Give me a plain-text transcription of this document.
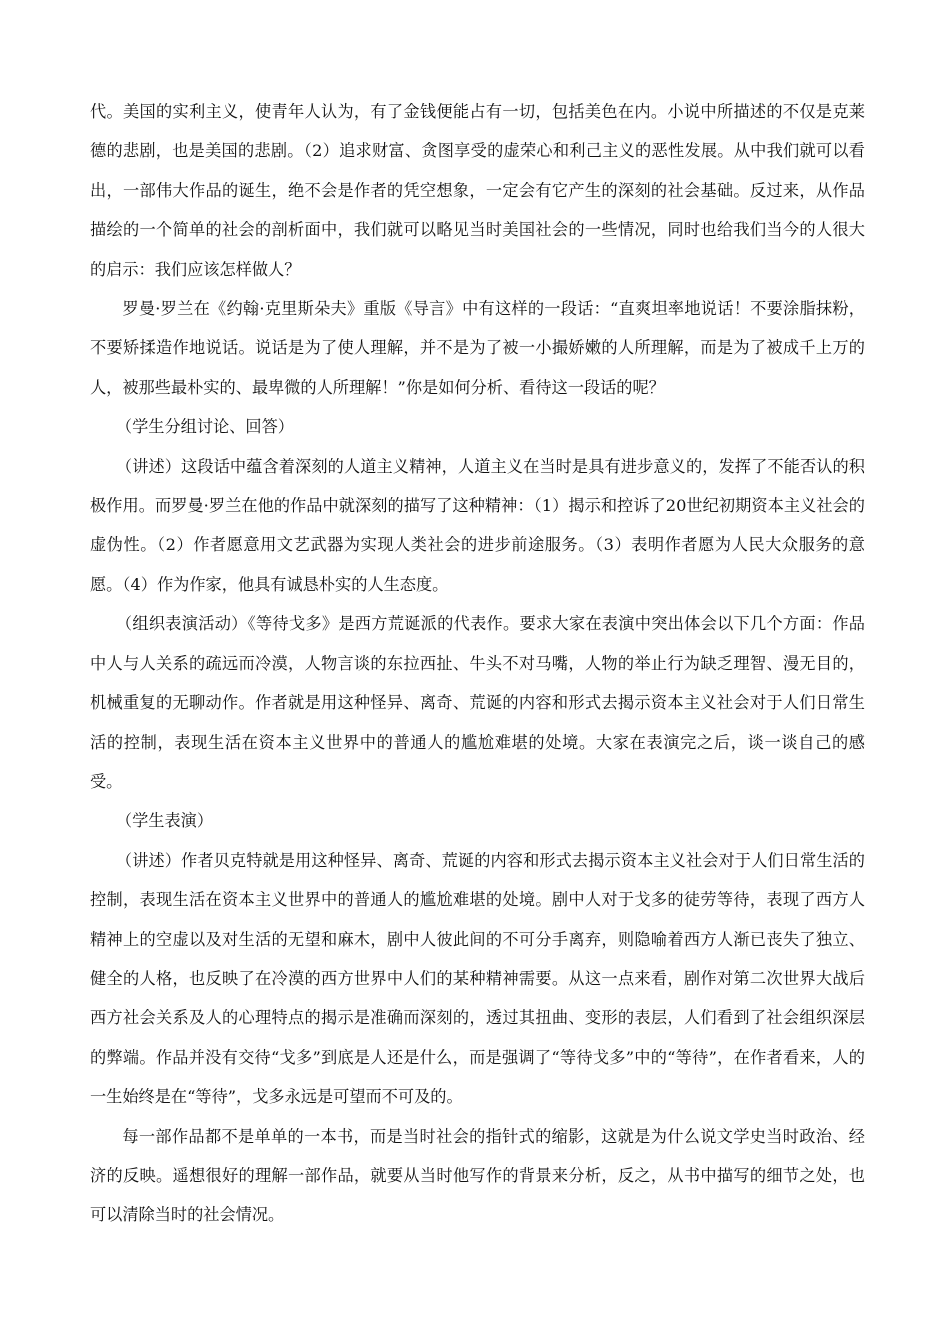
代。美国的实利主义，使青年人认为，有了金钱便能占有一切，包括美色在内。小说中所描述的不仅是克莱德的悲剧，也是美国的悲剧。（2）追求财富、贪图享受的虚荣心和利己主义的恶性发展。从中我们就可以看出，一部伟大作品的诞生，绝不会是作者的凭空想象，一定会有它产生的深刻的社会基础。反过来，从作品描绘的一个简单的社会的剖析面中，我们就可以略见当时美国社会的一些情况，同时也给我们当今的人很大的启示：我们应该怎样做人？

罗曼·罗兰在《约翰·克里斯朵夫》重版《导言》中有这样的一段话：“直爽坦率地说话！不要涂脂抹粉，不要矫揉造作地说话。说话是为了使人理解，并不是为了被一小撮娇嫩的人所理解，而是为了被成千上万的人，被那些最朴实的、最卑微的人所理解！”你是如何分析、看待这一段话的呢？

（学生分组讨论、回答）

（讲述）这段话中蕴含着深刻的人道主义精神，人道主义在当时是具有进步意义的，发挥了不能否认的积极作用。而罗曼·罗兰在他的作品中就深刻的描写了这种精神：（1）揭示和控诉了20世纪初期资本主义社会的虚伪性。（2）作者愿意用文艺武器为实现人类社会的进步前途服务。（3）表明作者愿为人民大众服务的意愿。（4）作为作家，他具有诚恳朴实的人生态度。

（组织表演活动）《等待戈多》是西方荒诞派的代表作。要求大家在表演中突出体会以下几个方面：作品中人与人关系的疏远而冷漠，人物言谈的东拉西扯、牛头不对马嘴，人物的举止行为缺乏理智、漫无目的，机械重复的无聊动作。作者就是用这种怪异、离奇、荒诞的内容和形式去揭示资本主义社会对于人们日常生活的控制，表现生活在资本主义世界中的普通人的尴尬难堪的处境。大家在表演完之后，谈一谈自己的感受。

（学生表演）

（讲述）作者贝克特就是用这种怪异、离奇、荒诞的内容和形式去揭示资本主义社会对于人们日常生活的控制，表现生活在资本主义世界中的普通人的尴尬难堪的处境。剧中人对于戈多的徒劳等待，表现了西方人精神上的空虚以及对生活的无望和麻木，剧中人彼此间的不可分手离弃，则隐喻着西方人渐已丧失了独立、健全的人格，也反映了在冷漠的西方世界中人们的某种精神需要。从这一点来看，剧作对第二次世界大战后西方社会关系及人的心理特点的揭示是准确而深刻的，透过其扭曲、变形的表层，人们看到了社会组织深层的弊端。作品并没有交待“戈多”到底是人还是什么，而是强调了“等待戈多”中的“等待”，在作者看来，人的一生始终是在“等待”，戈多永远是可望而不可及的。

每一部作品都不是单单的一本书，而是当时社会的指针式的缩影，这就是为什么说文学史当时政治、经济的反映。遥想很好的理解一部作品，就要从当时他写作的背景来分析，反之，从书中描写的细节之处，也可以清除当时的社会情况。
